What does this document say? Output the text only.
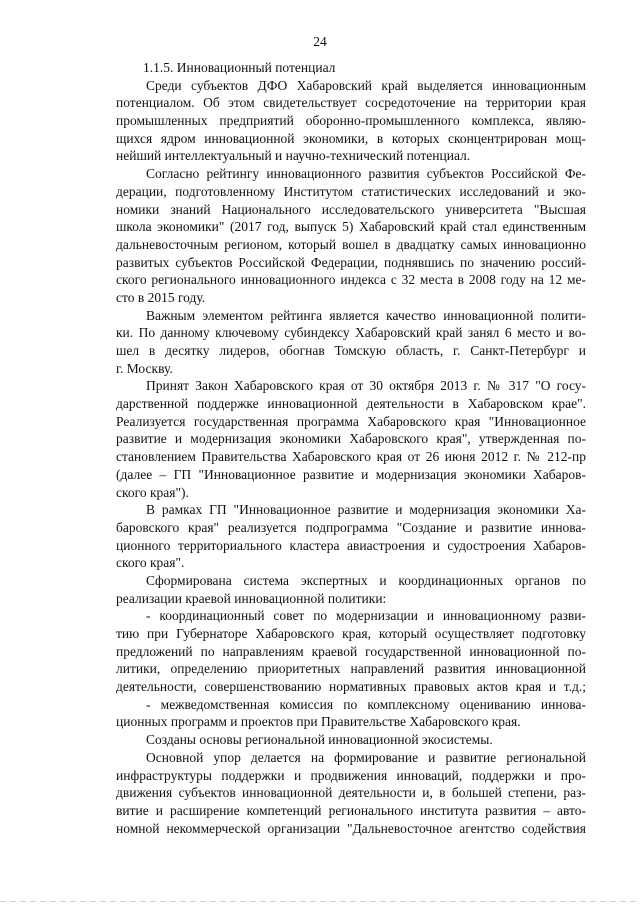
24
1.1.5. Инновационный потенциал
Среди субъектов ДФО Хабаровский край выделяется инновационным
потенциалом. Об этом свидетельствует сосредоточение на территории края
промышленных предприятий оборонно-промышленного комплекса, являю-
щихся ядром инновационной экономики, в которых сконцентрирован мощ-
нейший интеллектуальный и научно-технический потенциал.
Согласно рейтингу инновационного развития субъектов Российской Фе-
дерации, подготовленному Институтом статистических исследований и эко-
номики знаний Национального исследовательского университета "Высшая
школа экономики" (2017 год, выпуск 5) Хабаровский край стал единственным
дальневосточным регионом, который вошел в двадцатку самых инновационно
развитых субъектов Российской Федерации, поднявшись по значению россий-
ского регионального инновационного индекса с 32 места в 2008 году на 12 ме-
сто в 2015 году.
Важным элементом рейтинга является качество инновационной полити-
ки. По данному ключевому субиндексу Хабаровский край занял 6 место и во-
шел в десятку лидеров, обогнав Томскую область, г. Санкт-Петербург и
г. Москву.
Принят Закон Хабаровского края от 30 октября 2013 г. № 317 "О госу-
дарственной поддержке инновационной деятельности в Хабаровском крае".
Реализуется государственная программа Хабаровского края "Инновационное
развитие и модернизация экономики Хабаровского края", утвержденная по-
становлением Правительства Хабаровского края от 26 июня 2012 г. № 212-пр
(далее – ГП "Инновационное развитие и модернизация экономики Хабаров-
ского края").
В рамках ГП "Инновационное развитие и модернизация экономики Ха-
баровского края" реализуется подпрограмма "Создание и развитие иннова-
ционного территориального кластера авиастроения и судостроения Хабаров-
ского края".
Сформирована система экспертных и координационных органов по
реализации краевой инновационной политики:
- координационный совет по модернизации и инновационному разви-
тию при Губернаторе Хабаровского края, который осуществляет подготовку
предложений по направлениям краевой государственной инновационной по-
литики, определению приоритетных направлений развития инновационной
деятельности, совершенствованию нормативных правовых актов края и т.д.;
- межведомственная комиссия по комплексному оцениванию иннова-
ционных программ и проектов при Правительстве Хабаровского края.
Созданы основы региональной инновационной экосистемы.
Основной упор делается на формирование и развитие региональной
инфраструктуры поддержки и продвижения инноваций, поддержки и про-
движения субъектов инновационной деятельности и, в большей степени, раз-
витие и расширение компетенций регионального института развития – авто-
номной некоммерческой организации "Дальневосточное агентство содействия
